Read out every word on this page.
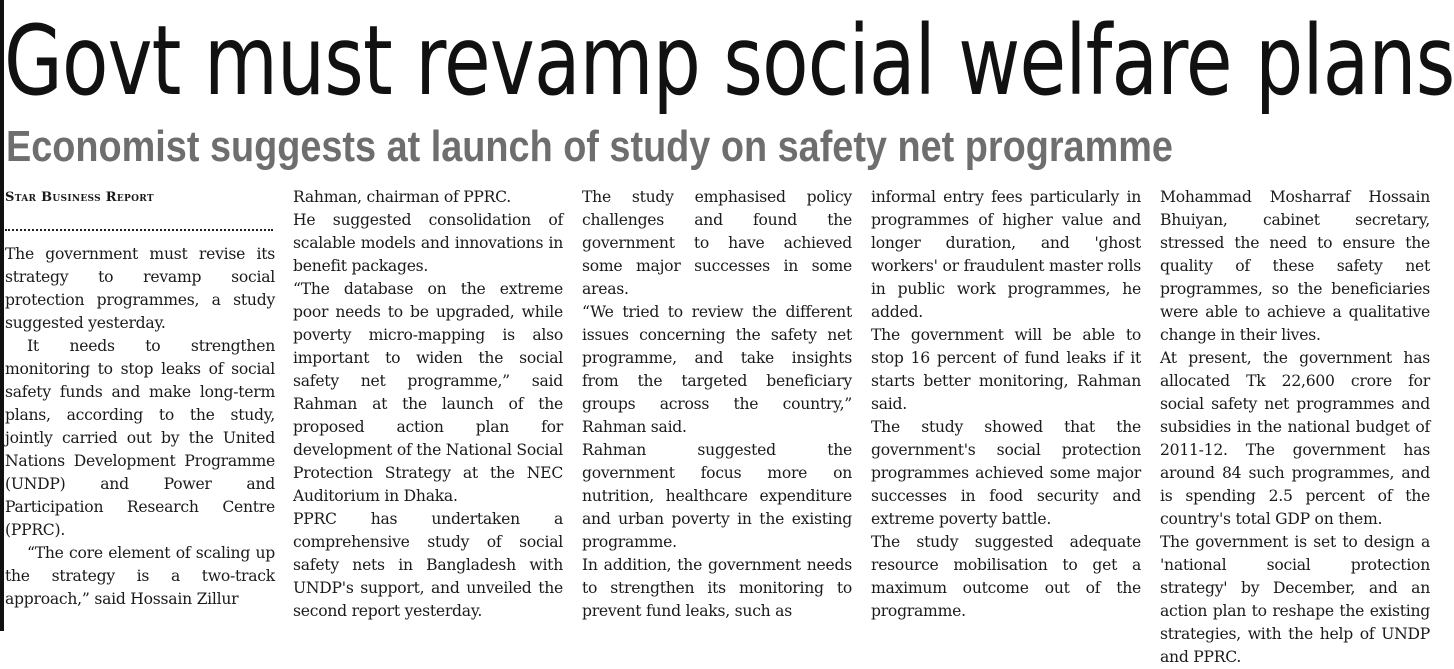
Govt must revamp social welfare plans
Economist suggests at launch of study on safety net programme

Star Business Report

The government must revise its strategy to revamp social protection programmes, a study suggested yesterday.

It needs to strengthen monitoring to stop leaks of social safety funds and make long-term plans, according to the study, jointly carried out by the United Nations Development Programme (UNDP) and Power and Participation Research Centre (PPRC).

“The core element of scaling up the strategy is a two-track approach,” said Hossain Zillur

Rahman, chairman of PPRC.

He suggested consolidation of scalable models and innovations in benefit packages.

“The database on the extreme poor needs to be upgraded, while poverty micro-mapping is also important to widen the social safety net programme,” said Rahman at the launch of the proposed action plan for development of the National Social Protection Strategy at the NEC Auditorium in Dhaka.

PPRC has undertaken a comprehensive study of social safety nets in Bangladesh with UNDP's support, and unveiled the second report yesterday.

The study emphasised policy challenges and found the government to have achieved some major successes in some areas.

“We tried to review the different issues concerning the safety net programme, and take insights from the targeted beneficiary groups across the country,” Rahman said.

Rahman suggested the government focus more on nutrition, healthcare expenditure and urban poverty in the existing programme.

In addition, the government needs to strengthen its monitoring to prevent fund leaks, such as

informal entry fees particularly in programmes of higher value and longer duration, and 'ghost workers' or fraudulent master rolls in public work programmes, he added.

The government will be able to stop 16 percent of fund leaks if it starts better monitoring, Rahman said.

The study showed that the government's social protection programmes achieved some major successes in food security and extreme poverty battle.

The study suggested adequate resource mobilisation to get a maximum outcome out of the programme.

Mohammad Mosharraf Hossain Bhuiyan, cabinet secretary, stressed the need to ensure the quality of these safety net programmes, so the beneficiaries were able to achieve a qualitative change in their lives.

At present, the government has allocated Tk 22,600 crore for social safety net programmes and subsidies in the national budget of 2011-12. The government has around 84 such programmes, and is spending 2.5 percent of the country's total GDP on them.

The government is set to design a 'national social protection strategy' by December, and an action plan to reshape the existing strategies, with the help of UNDP and PPRC.
